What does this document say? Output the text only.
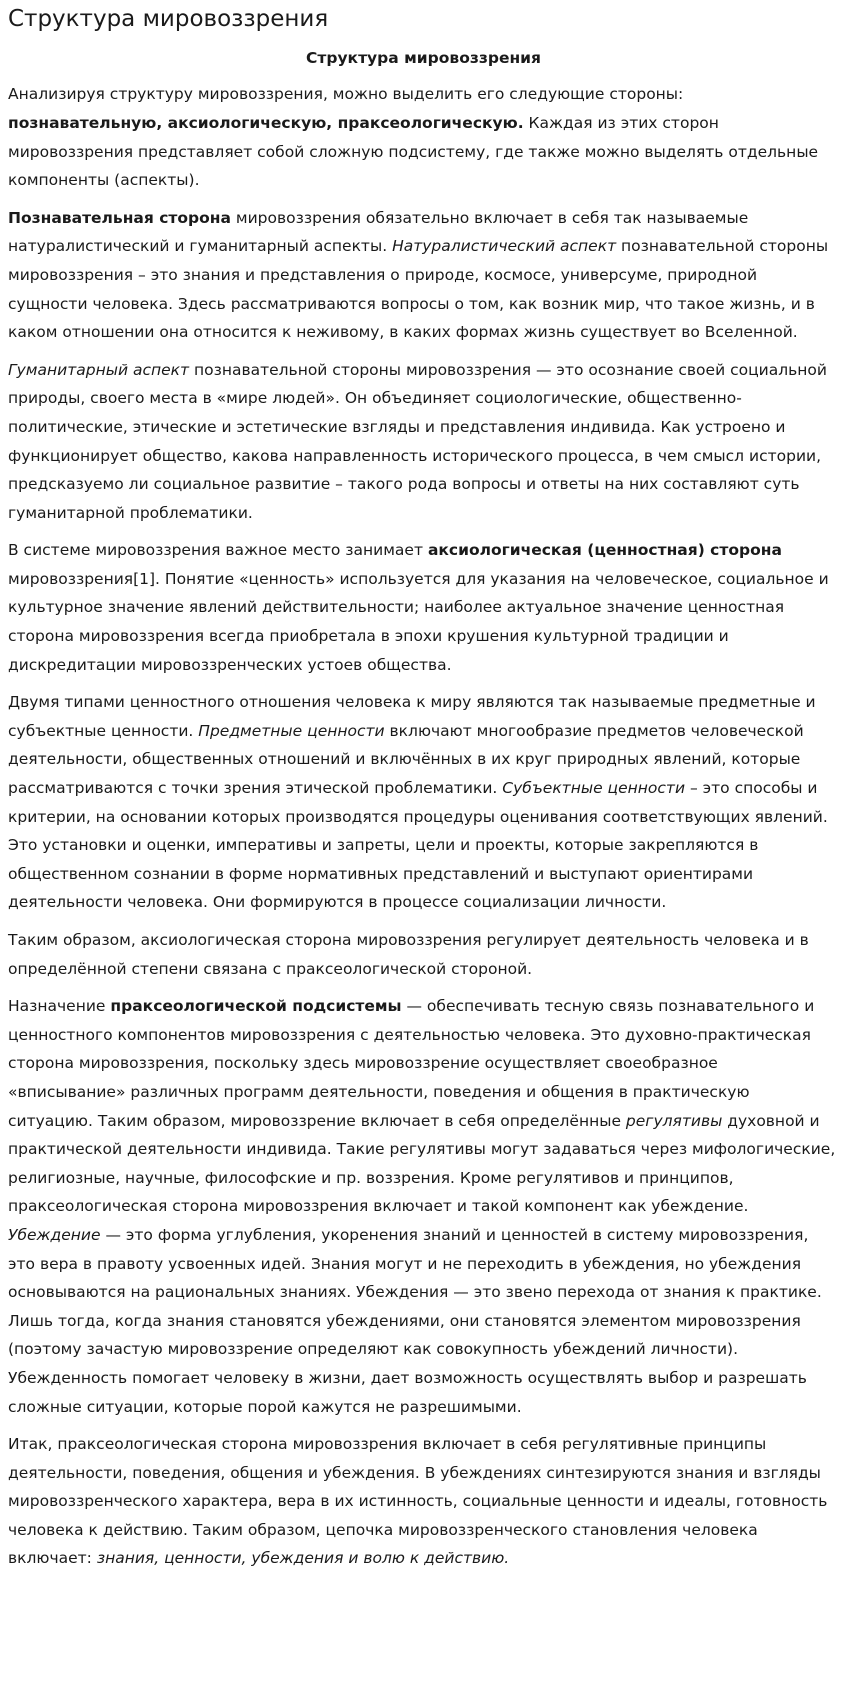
Структура мировоззрения
Структура мировоззрения

Анализируя структуру мировоззрения, можно выделить его следующие стороны: познавательную, аксиологическую, праксеологическую. Каждая из этих сторон мировоззрения представляет собой сложную подсистему, где также можно выделять отдельные компоненты (аспекты).

Познавательная сторона мировоззрения обязательно включает в себя так называемые натуралистический и гуманитарный аспекты. Натуралистический аспект познавательной стороны мировоззрения – это знания и представления о природе, космосе, универсуме, природной сущности человека. Здесь рассматриваются вопросы о том, как возник мир, что такое жизнь, и в каком отношении она относится к неживому, в каких формах жизнь существует во Вселенной.

Гуманитарный аспект познавательной стороны мировоззрения — это осознание своей социальной природы, своего места в «мире людей». Он объединяет социологические, общественно-политические, этические и эстетические взгляды и представления индивида. Как устроено и функционирует общество, какова направленность исторического процесса, в чем смысл истории, предсказуемо ли социальное развитие – такого рода вопросы и ответы на них составляют суть гуманитарной проблематики.

В системе мировоззрения важное место занимает аксиологическая (ценностная) сторона мировоззрения[1]. Понятие «ценность» используется для указания на человеческое, социальное и культурное значение явлений действительности; наиболее актуальное значение ценностная сторона мировоззрения всегда приобретала в эпохи крушения культурной традиции и дискредитации мировоззренческих устоев общества.

Двумя типами ценностного отношения человека к миру являются так называемые предметные и субъектные ценности. Предметные ценности включают многообразие предметов человеческой деятельности, общественных отношений и включённых в их круг природных явлений, которые рассматриваются с точки зрения этической проблематики. Субъектные ценности – это способы и критерии, на основании которых производятся процедуры оценивания соответствующих явлений. Это установки и оценки, императивы и запреты, цели и проекты, которые закрепляются в общественном сознании в форме нормативных представлений и выступают ориентирами деятельности человека. Они формируются в процессе социализации личности.

Таким образом, аксиологическая сторона мировоззрения регулирует деятельность человека и в определённой степени связана с праксеологической стороной.

Назначение праксеологической подсистемы — обеспечивать тесную связь познавательного и ценностного компонентов мировоззрения с деятельностью человека. Это духовно-практическая сторона мировоззрения, поскольку здесь мировоззрение осуществляет своеобразное «вписывание» различных программ деятельности, поведения и общения в практическую ситуацию. Таким образом, мировоззрение включает в себя определённые регулятивы духовной и практической деятельности индивида. Такие регулятивы могут задаваться через мифологические, религиозные, научные, философские и пр. воззрения. Кроме регулятивов и принципов, праксеологическая сторона мировоззрения включает и такой компонент как убеждение. Убеждение — это форма углубления, укоренения знаний и ценностей в систему мировоззрения, это вера в правоту усвоенных идей. Знания могут и не переходить в убеждения, но убеждения основываются на рациональных знаниях. Убеждения — это звено перехода от знания к практике. Лишь тогда, когда знания становятся убеждениями, они становятся элементом мировоззрения (поэтому зачастую мировоззрение определяют как совокупность убеждений личности). Убежденность помогает человеку в жизни, дает возможность осуществлять выбор и разрешать сложные ситуации, которые порой кажутся не разрешимыми.

Итак, праксеологическая сторона мировоззрения включает в себя регулятивные принципы деятельности, поведения, общения и убеждения. В убеждениях синтезируются знания и взгляды мировоззренческого характера, вера в их истинность, социальные ценности и идеалы, готовность человека к действию. Таким образом, цепочка мировоззренческого становления человека включает: знания, ценности, убеждения и волю к действию.
